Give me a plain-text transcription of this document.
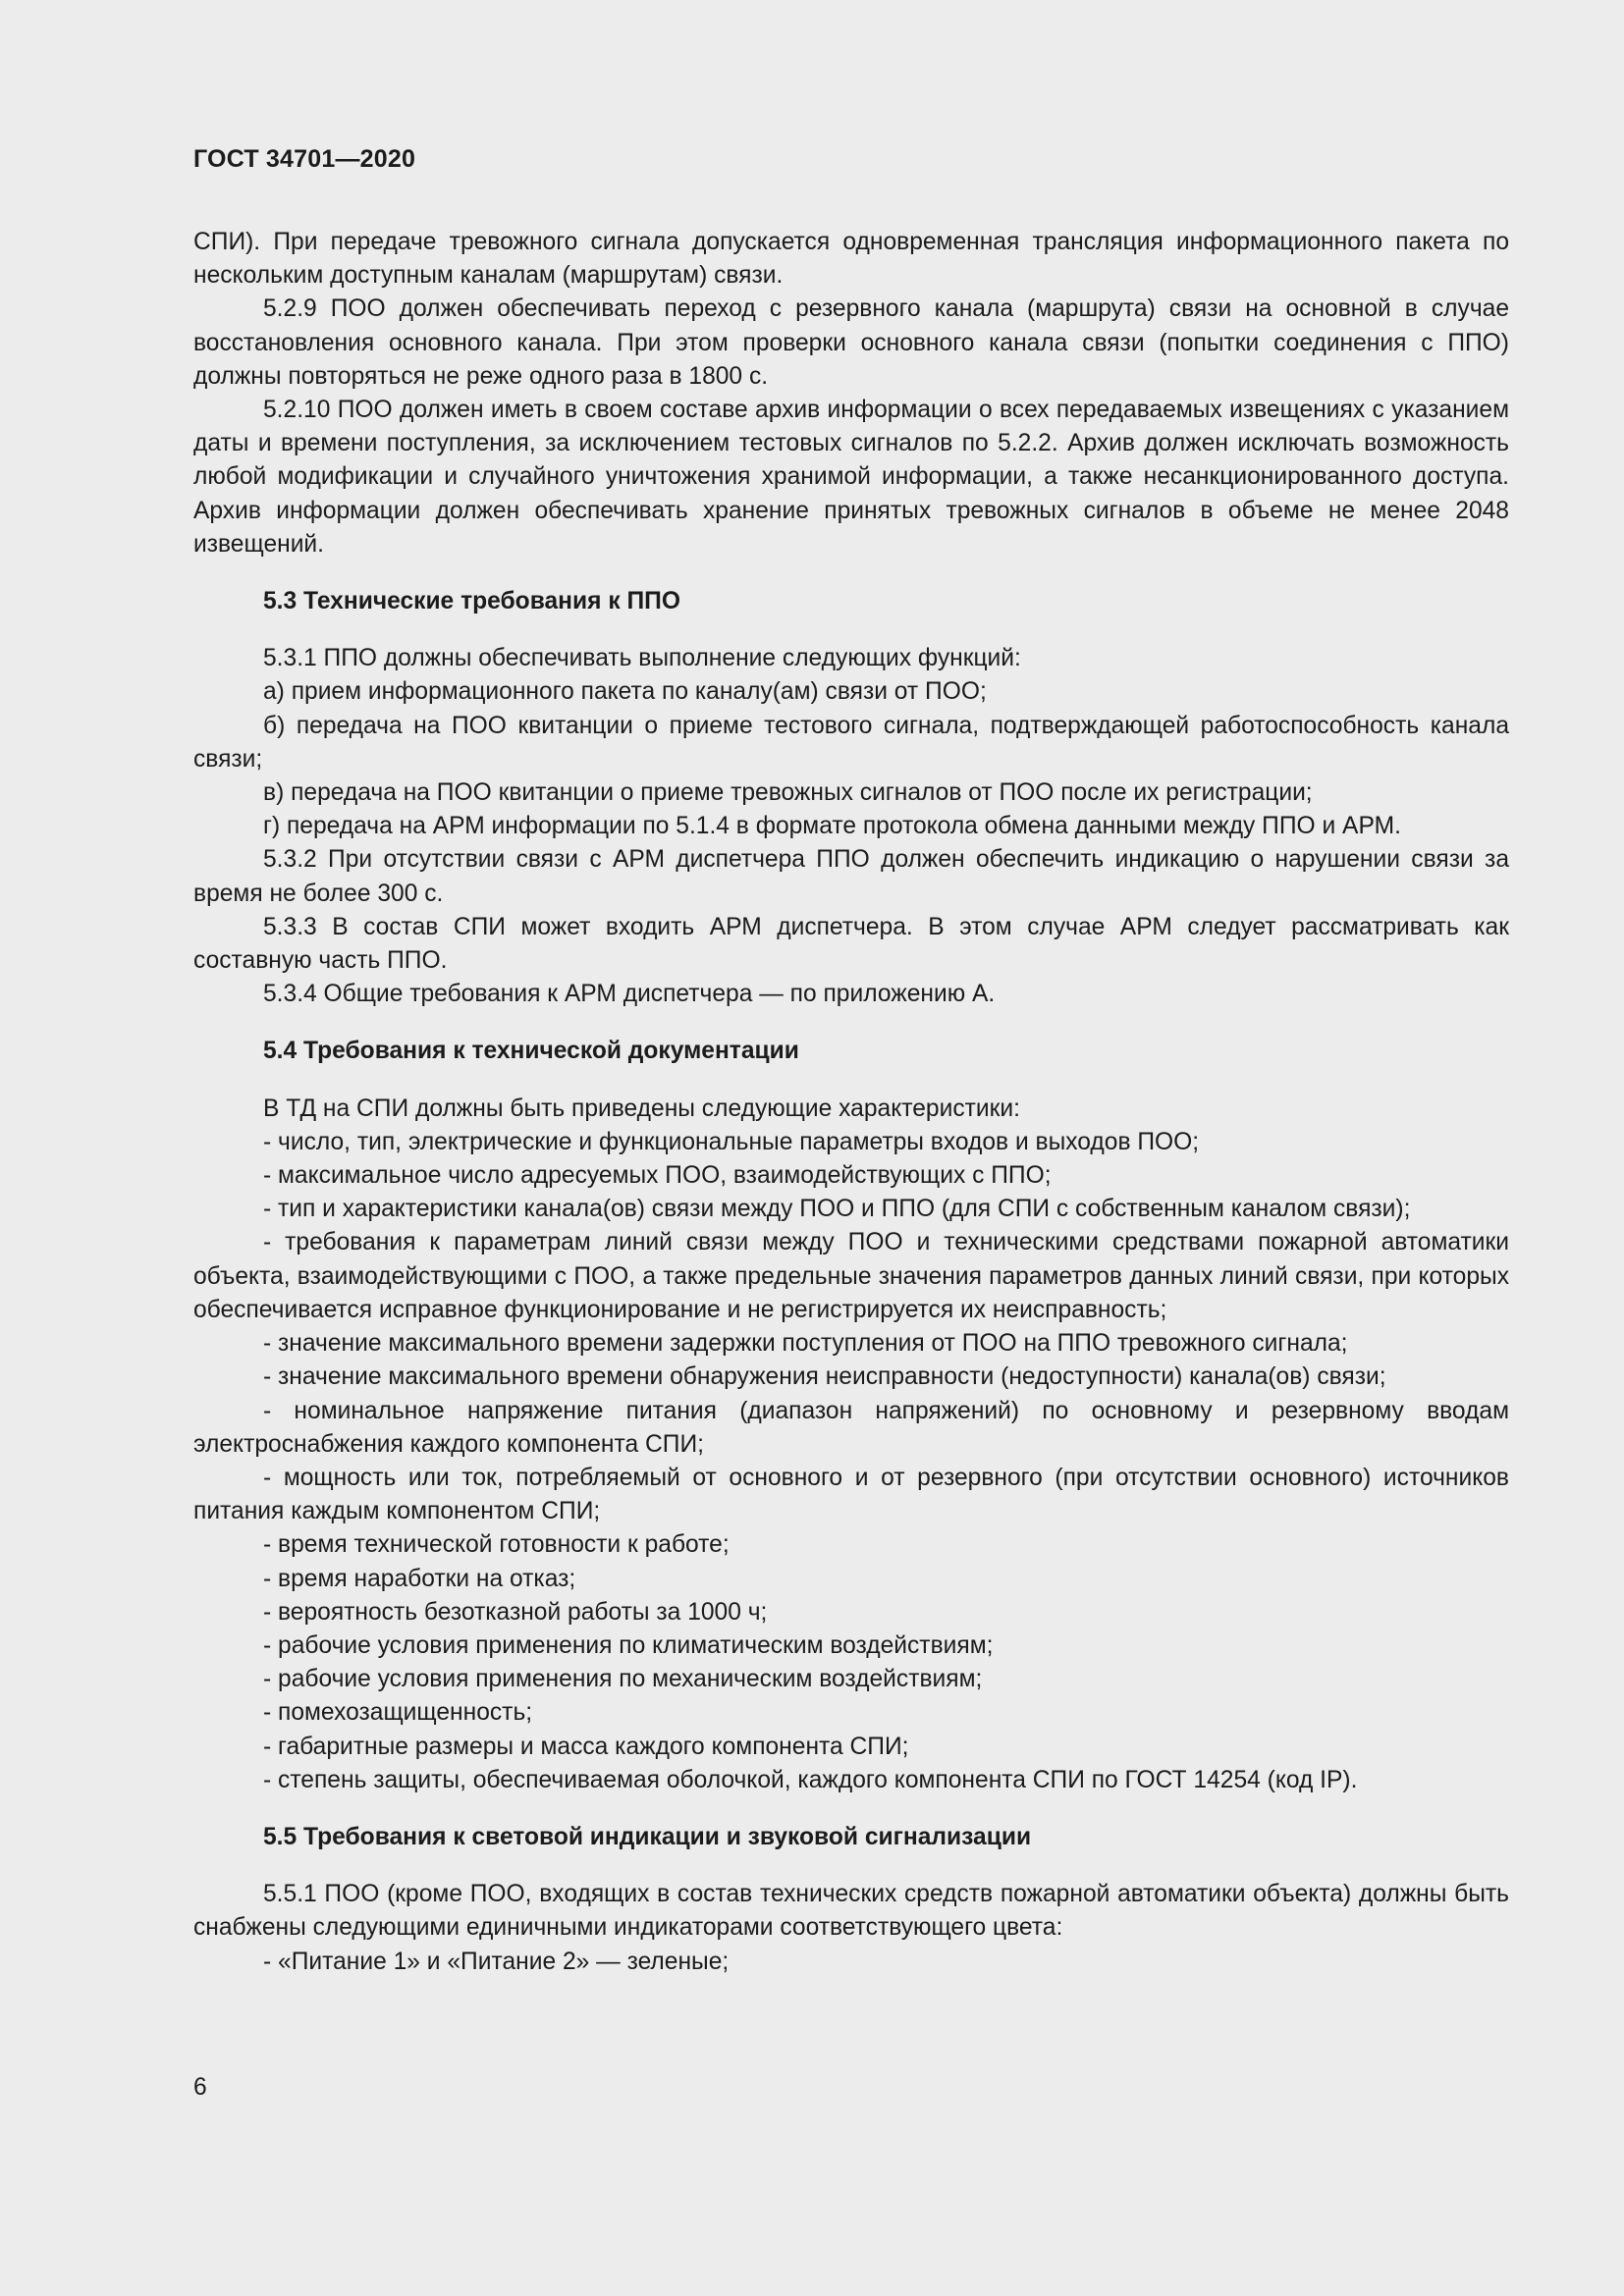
ГОСТ 34701—2020

СПИ). При передаче тревожного сигнала допускается одновременная трансляция информационного пакета по нескольким доступным каналам (маршрутам) связи.

5.2.9 ПОО должен обеспечивать переход с резервного канала (маршрута) связи на основной в случае восстановления основного канала. При этом проверки основного канала связи (попытки соединения с ППО) должны повторяться не реже одного раза в 1800 с.

5.2.10 ПОО должен иметь в своем составе архив информации о всех передаваемых извещениях с указанием даты и времени поступления, за исключением тестовых сигналов по 5.2.2. Архив должен исключать возможность любой модификации и случайного уничтожения хранимой информации, а также несанкционированного доступа. Архив информации должен обеспечивать хранение принятых тревожных сигналов в объеме не менее 2048 извещений.

5.3 Технические требования к ППО

5.3.1 ППО должны обеспечивать выполнение следующих функций:

а) прием информационного пакета по каналу(ам) связи от ПОО;

б) передача на ПОО квитанции о приеме тестового сигнала, подтверждающей работоспособность канала связи;

в) передача на ПОО квитанции о приеме тревожных сигналов от ПОО после их регистрации;

г) передача на АРМ информации по 5.1.4 в формате протокола обмена данными между ППО и АРМ.

5.3.2 При отсутствии связи с АРМ диспетчера ППО должен обеспечить индикацию о нарушении связи за время не более 300 с.

5.3.3 В состав СПИ может входить АРМ диспетчера. В этом случае АРМ следует рассматривать как составную часть ППО.

5.3.4 Общие требования к АРМ диспетчера — по приложению А.

5.4 Требования к технической документации

В ТД на СПИ должны быть приведены следующие характеристики:

- число, тип, электрические и функциональные параметры входов и выходов ПОО;

- максимальное число адресуемых ПОО, взаимодействующих с ППО;

- тип и характеристики канала(ов) связи между ПОО и ППО (для СПИ с собственным каналом связи);

- требования к параметрам линий связи между ПОО и техническими средствами пожарной автоматики объекта, взаимодействующими с ПОО, а также предельные значения параметров данных линий связи, при которых обеспечивается исправное функционирование и не регистрируется их неисправность;

- значение максимального времени задержки поступления от ПОО на ППО тревожного сигнала;

- значение максимального времени обнаружения неисправности (недоступности) канала(ов) связи;

- номинальное напряжение питания (диапазон напряжений) по основному и резервному вводам электроснабжения каждого компонента СПИ;

- мощность или ток, потребляемый от основного и от резервного (при отсутствии основного) источников питания каждым компонентом СПИ;

- время технической готовности к работе;

- время наработки на отказ;

- вероятность безотказной работы за 1000 ч;

- рабочие условия применения по климатическим воздействиям;

- рабочие условия применения по механическим воздействиям;

- помехозащищенность;

- габаритные размеры и масса каждого компонента СПИ;

- степень защиты, обеспечиваемая оболочкой, каждого компонента СПИ по ГОСТ 14254 (код IP).

5.5 Требования к световой индикации и звуковой сигнализации

5.5.1 ПОО (кроме ПОО, входящих в состав технических средств пожарной автоматики объекта) должны быть снабжены следующими единичными индикаторами соответствующего цвета:

- «Питание 1» и «Питание 2» — зеленые;

6
